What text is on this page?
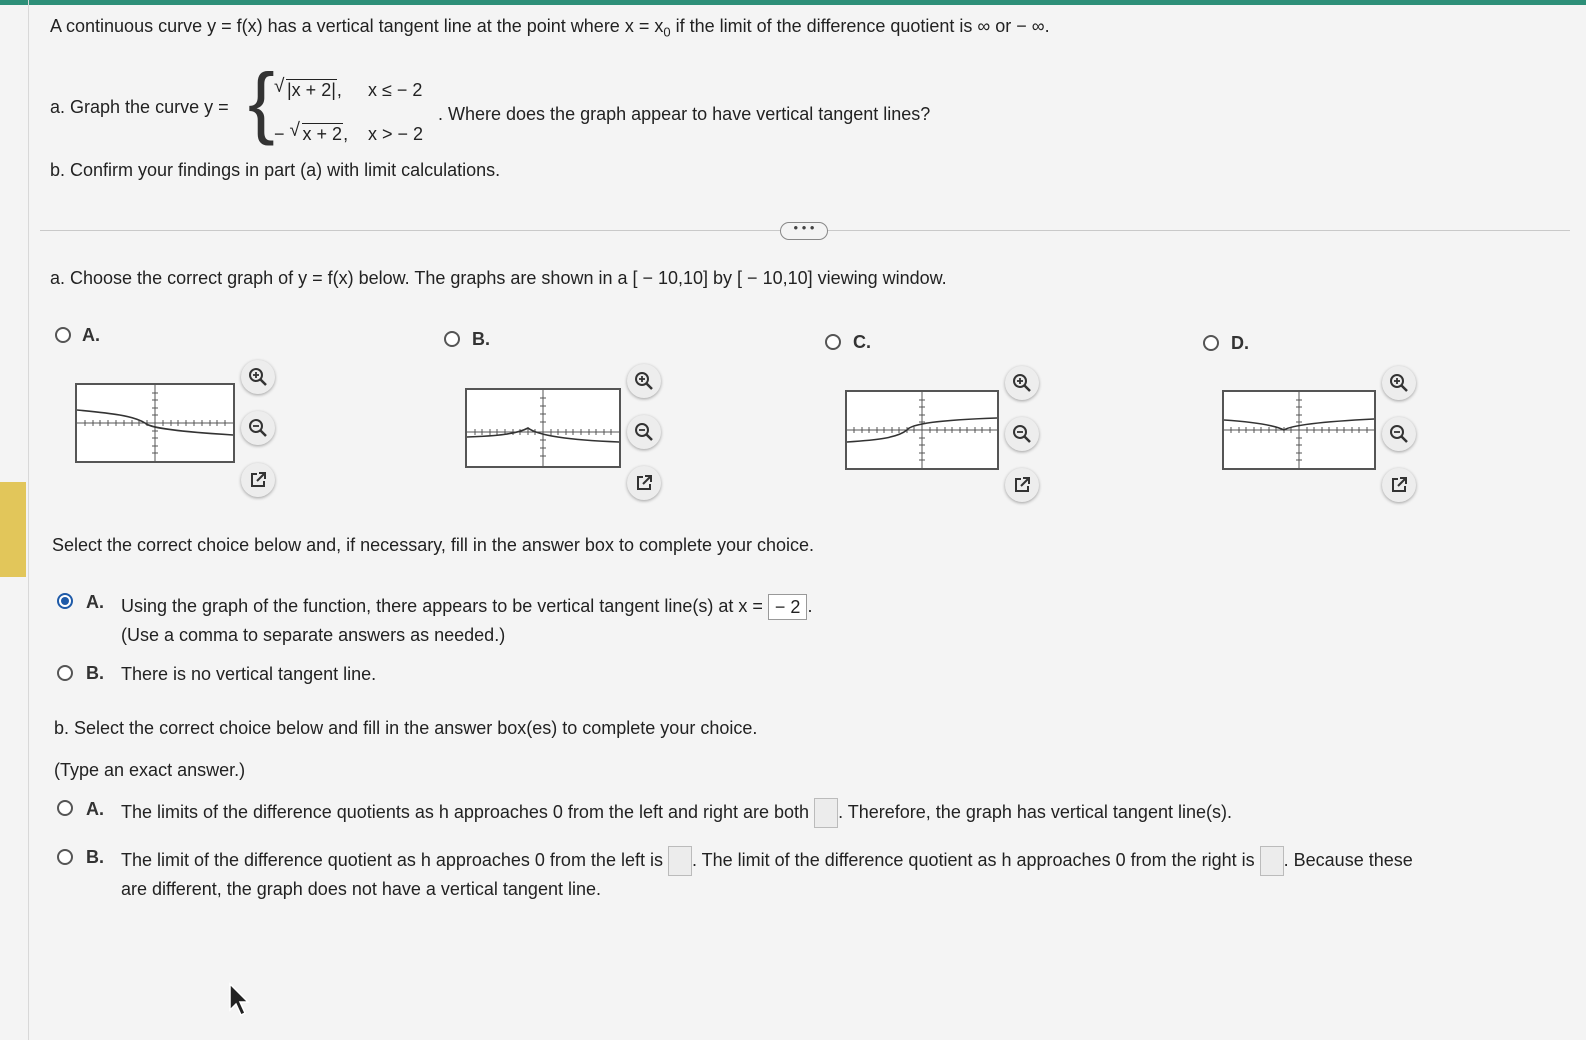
A continuous curve y = f(x) has a vertical tangent line at the point where $x = x_0$ if the limit of the difference quotient is ∞ or − ∞.
a. Graph the curve y = { √ |x + 2|, x ≤ − 2
− √ x + 2, x > − 2
. Where does the graph appear to have vertical tangent lines?
b. Confirm your findings in part (a) with limit calculations.
• • •
a. Choose the correct graph of y = f(x) below. The graphs are shown in a [ − 10,10] by [ − 10,10] viewing window.
A.	B.	C.	D.
Select the correct choice below and, if necessary, fill in the answer box to complete your choice.
A. Using the graph of the function, there appears to be vertical tangent line(s) at x = − 2 .
(Use a comma to separate answers as needed.)
B. There is no vertical tangent line.
b. Select the correct choice below and fill in the answer box(es) to complete your choice.
(Type an exact answer.)
A. The limits of the difference quotients as h approaches 0 from the left and right are both . Therefore, the graph has vertical tangent line(s).
B. The limit of the difference quotient as h approaches 0 from the left is . The limit of the difference quotient as h approaches 0 from the right is . Because these
are different, the graph does not have a vertical tangent line.
